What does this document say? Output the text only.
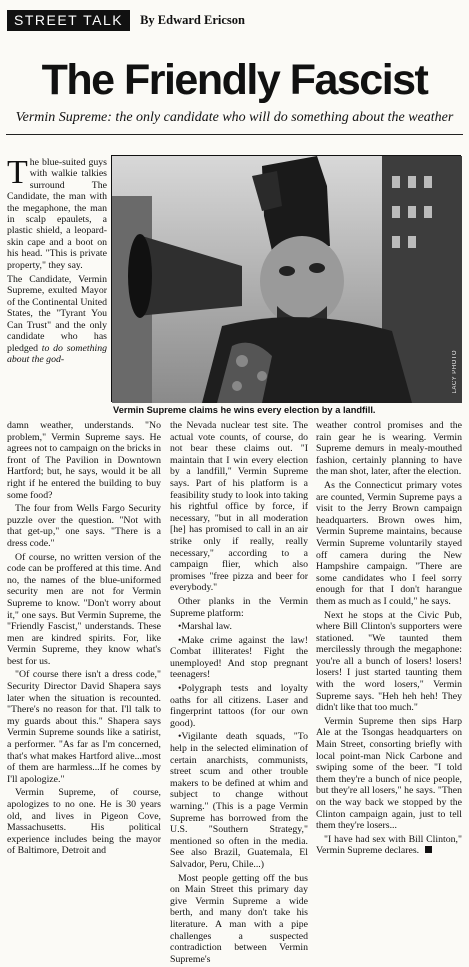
STREET TALK	By Edward Ericson
The Friendly Fascist
Vermin Supreme: the only candidate who will do something about the weather

The blue-suited guys with walkie talkies surround The Candidate, the man with the megaphone, the man in scalp epaulets, a plastic shield, a leopard-skin cape and a boot on his head. "This is private property," they say.

The Candidate, Vermin Supreme, exulted Mayor of the Continental United States, the "Tyrant You Can Trust" and the only candidate who has pledged to do something about the god-	LACY PHOTO
Vermin Supreme claims he wins every election by a landfill.

damn weather, understands. "No problem," Vermin Supreme says. He agrees not to campaign on the bricks in front of The Pavilion in Downtown Hartford; but, he says, would it be all right if he entered the building to buy some food?

The four from Wells Fargo Security puzzle over the question. "Not with that get-up," one says. "There is a dress code."

Of course, no written version of the code can be proffered at this time. And no, the names of the blue-uniformed security men are not for Vermin Supreme to know. "Don't worry about it," one says. But Vermin Supreme, the "Friendly Fascist," understands. These men are kindred spirits. For, like Vermin Supreme, they know what's best for us.

"Of course there isn't a dress code," Security Director David Shapera says later when the situation is recounted. "There's no reason for that. I'll talk to my guards about this." Shapera says Vermin Supreme sounds like a satirist, a performer. "As far as I'm concerned, that's what makes Hartford alive...most of them are harmless...If he comes by I'll apologize."

Vermin Supreme, of course, apologizes to no one. He is 30 years old, and lives in Pigeon Cove, Massachusetts. His political experience includes being the mayor of Baltimore, Detroit and

the Nevada nuclear test site. The actual vote counts, of course, do not bear these claims out. "I maintain that I win every election by a landfill," Vermin Supreme says. Part of his platform is a feasibility study to look into taking his rightful office by force, if necessary, "but in all moderation [he] has promised to call in an air strike only if really, really necessary," according to a campaign flier, which also promises "free pizza and beer for everybody."

Other planks in the Vermin Supreme platform:

•Marshal law.

•Make crime against the law! Combat illiterates! Fight the unemployed! And stop pregnant teenagers!

•Polygraph tests and loyalty oaths for all citizens. Laser and fingerprint tattoos (for our own good).

•Vigilante death squads, "To help in the selected elimination of certain anarchists, communists, street scum and other trouble makers to be defined at whim and subject to change without warning." (This is a page Vermin Supreme has borrowed from the U.S. "Southern Strategy," mentioned so often in the media. See also Brazil, Guatemala, El Salvador, Peru, Chile...)

Most people getting off the bus on Main Street this primary day give Vermin Supreme a wide berth, and many don't take his literature. A man with a pipe challenges a suspected contradiction between Vermin Supreme's

weather control promises and the rain gear he is wearing. Vermin Supreme demurs in mealy-mouthed fashion, certainly planning to have the man shot, later, after the election.

As the Connecticut primary votes are counted, Vermin Supreme pays a visit to the Jerry Brown campaign headquarters. Brown owes him, Vermin Supreme maintains, because Vermin Supreme voluntarily stayed off camera during the New Hampshire campaign. "There are some candidates who I feel sorry enough for that I don't harangue them as much as I could," he says.

Next he stops at the Civic Pub, where Bill Clinton's supporters were stationed. "We taunted them mercilessly through the megaphone: you're all a bunch of losers! losers! losers! I just started taunting them with the word losers," Vermin Supreme says. "Heh heh heh! They didn't like that too much."

Vermin Supreme then sips Harp Ale at the Tsongas headquarters on Main Street, consorting briefly with local point-man Nick Carbone and swiping some of the beer. "I told them they're a bunch of nice people, but they're all losers," he says. "Then on the way back we stopped by the Clinton campaign again, just to tell them they're losers...

"I have had sex with Bill Clinton," Vermin Supreme declares.
